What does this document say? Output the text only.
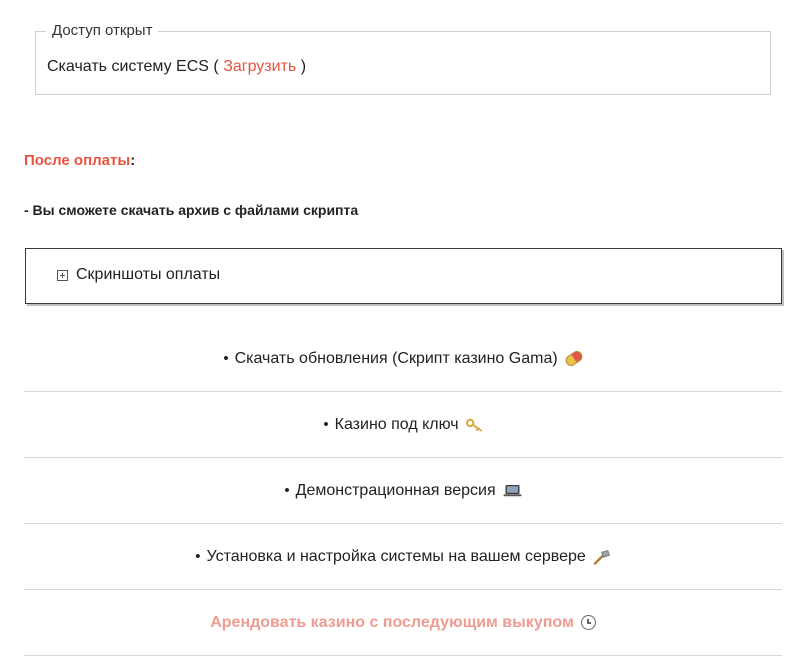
Доступ открыт
Скачать систему ECS ( Загрузить )
После оплаты:
- Вы сможете скачать архив с файлами скрипта
Скриншоты оплаты
• Скачать обновления (Скрипт казино Gama)
• Казино под ключ
• Демонстрационная версия
• Установка и настройка системы на вашем сервере
Арендовать казино с последующим выкупом
